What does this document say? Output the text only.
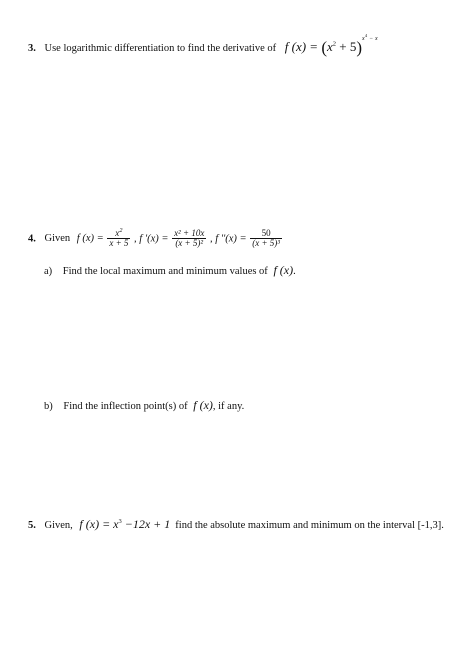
3. Use logarithmic differentiation to find the derivative of f $(x) = (x^2 + 5)x^4 - x$
4. Given f $(x) = \frac{x^2}{x + 5}$ , f '$(x) = \frac{\text{x² + 10x}}{\text{(x + 5)²}}$ , f ''$(x) = \frac{50}{\text{(x + 5)³}}$
a) Find the local maximum and minimum values of f (x).
b) Find the inflection point(s) of f (x), if any.
5. Given, f $(x) = x^3 -12x + 1$ find the absolute maximum and minimum on the interval [-1,3].
